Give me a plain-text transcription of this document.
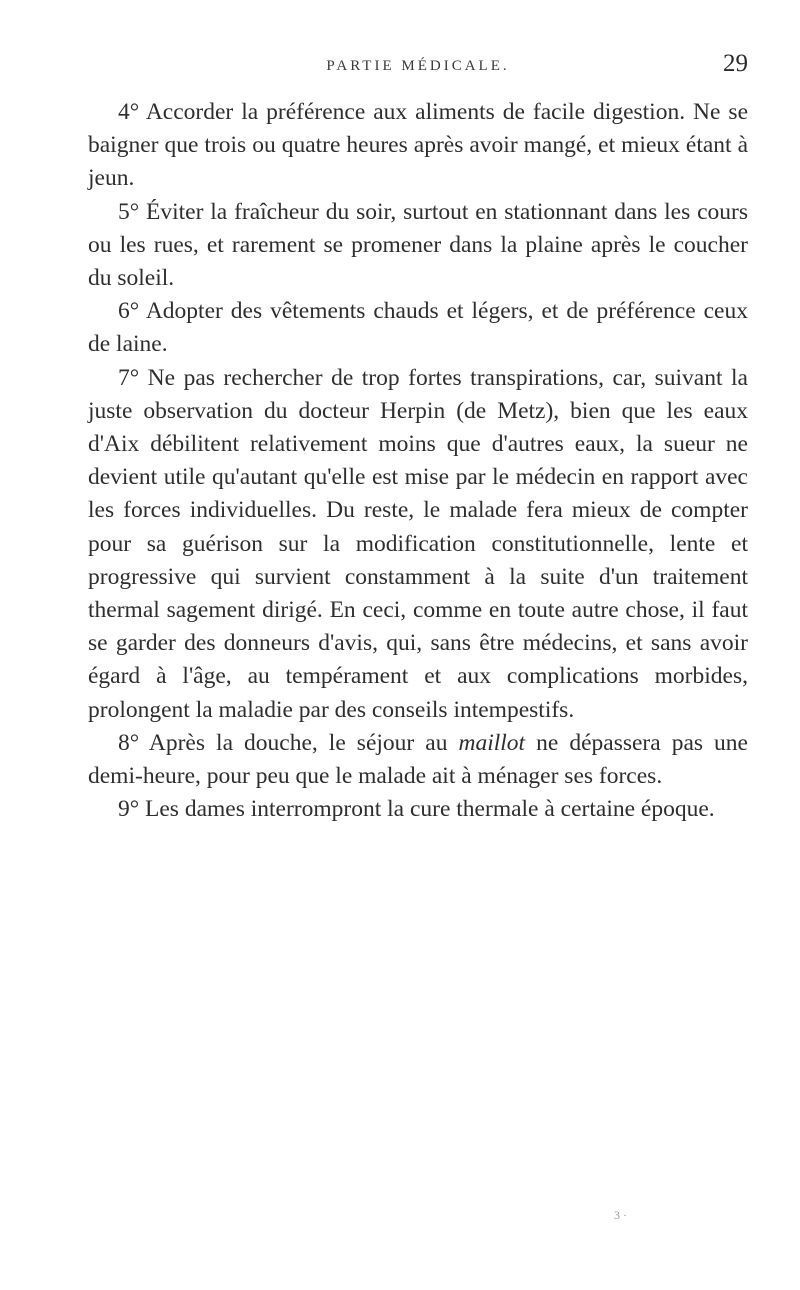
PARTIE MÉDICALE.	29

4° Accorder la préférence aux aliments de facile digestion. Ne se baigner que trois ou quatre heures après avoir mangé, et mieux étant à jeun.

5° Éviter la fraîcheur du soir, surtout en stationnant dans les cours ou les rues, et rarement se promener dans la plaine après le coucher du soleil.

6° Adopter des vêtements chauds et légers, et de préférence ceux de laine.

7° Ne pas rechercher de trop fortes transpirations, car, suivant la juste observation du docteur Herpin (de Metz), bien que les eaux d'Aix débilitent relativement moins que d'autres eaux, la sueur ne devient utile qu'autant qu'elle est mise par le médecin en rapport avec les forces individuelles. Du reste, le malade fera mieux de compter pour sa guérison sur la modification constitutionnelle, lente et progressive qui survient constamment à la suite d'un traitement thermal sagement dirigé. En ceci, comme en toute autre chose, il faut se garder des donneurs d'avis, qui, sans être médecins, et sans avoir égard à l'âge, au tempérament et aux complications morbides, prolongent la maladie par des conseils intempestifs.

8° Après la douche, le séjour au maillot ne dépassera pas une demi-heure, pour peu que le malade ait à ménager ses forces.

9° Les dames interrompront la cure thermale à certaine époque.

3 ·
